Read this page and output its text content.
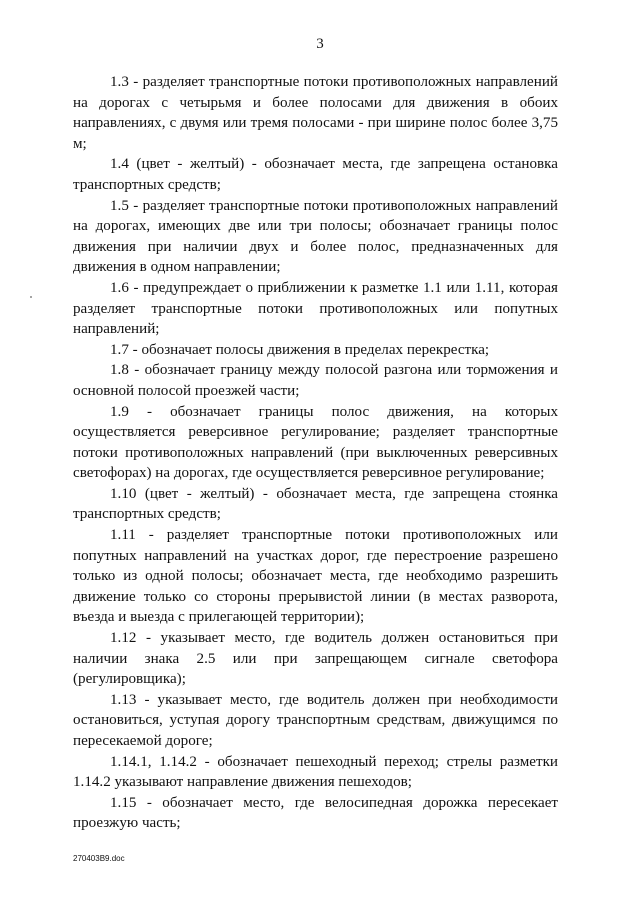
3

1.3 - разделяет транспортные потоки противоположных направлений на дорогах с четырьмя и более полосами для движения в обоих направлениях, с двумя или тремя полосами - при ширине полос более 3,75 м;

1.4 (цвет - желтый) - обозначает места, где запрещена остановка транспортных средств;

1.5 - разделяет транспортные потоки противоположных направлений на дорогах, имеющих две или три полосы; обозначает границы полос движения при наличии двух и более полос, предназначенных для движения в одном направлении;

1.6 - предупреждает о приближении к разметке 1.1 или 1.11, которая разделяет транспортные потоки противоположных или попутных направлений;

1.7 - обозначает полосы движения в пределах перекрестка;

1.8 - обозначает границу между полосой разгона или торможения и основной полосой проезжей части;

1.9 - обозначает границы полос движения, на которых осуществляется реверсивное регулирование; разделяет транспортные потоки противоположных направлений (при выключенных реверсивных светофорах) на дорогах, где осуществляется реверсивное регулирование;

1.10 (цвет - желтый) - обозначает места, где запрещена стоянка транспортных средств;

1.11 - разделяет транспортные потоки противоположных или попутных направлений на участках дорог, где перестроение разрешено только из одной полосы; обозначает места, где необходимо разрешить движение только со стороны прерывистой линии (в местах разворота, въезда и выезда с прилегающей территории);

1.12 - указывает место, где водитель должен остановиться при наличии знака 2.5 или при запрещающем сигнале светофора (регулировщика);

1.13 - указывает место, где водитель должен при необходимости остановиться, уступая дорогу транспортным средствам, движущимся по пересекаемой дороге;

1.14.1, 1.14.2 - обозначает пешеходный переход; стрелы разметки 1.14.2 указывают направление движения пешеходов;

1.15 - обозначает место, где велосипедная дорожка пересекает проезжую часть;

270403B9.doc
